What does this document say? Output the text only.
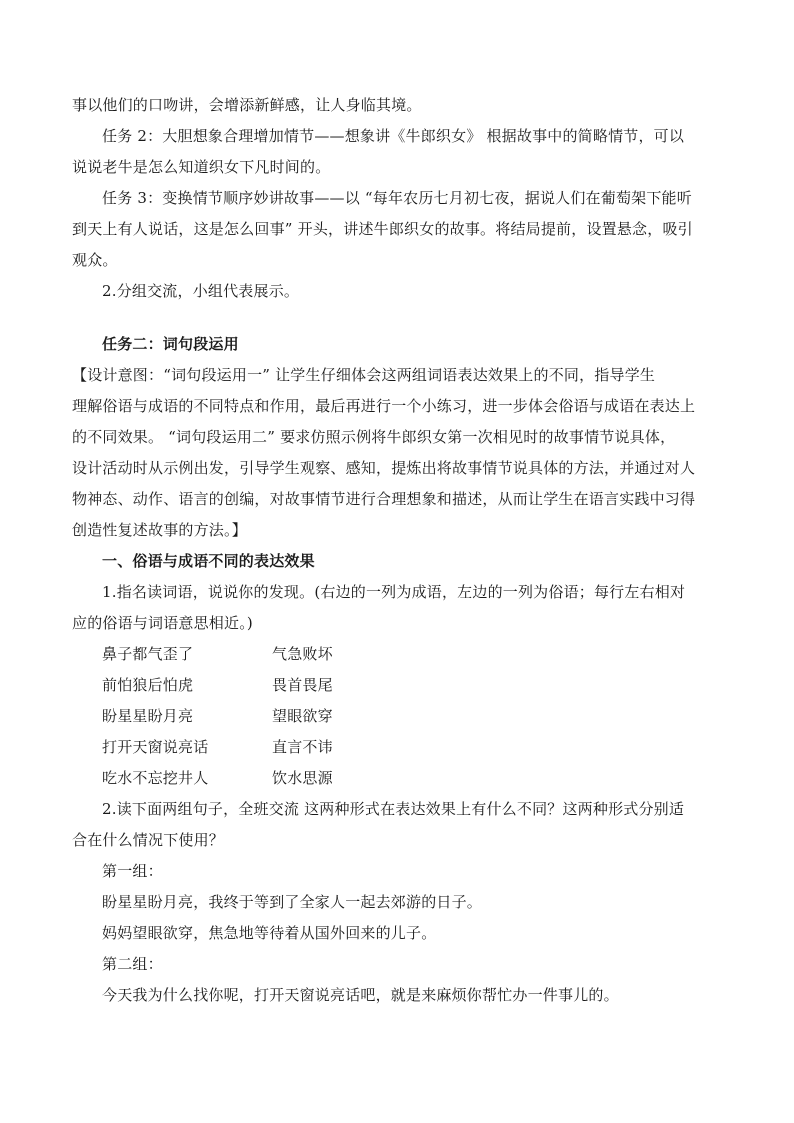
事以他们的口吻讲，会增添新鲜感，让人身临其境。
任务 2：大胆想象合理增加情节——想象讲《牛郎织女》 根据故事中的简略情节，可以
说说老牛是怎么知道织女下凡时间的。
任务 3：变换情节顺序妙讲故事——以 “每年农历七月初七夜，据说人们在葡萄架下能听
到天上有人说话，这是怎么回事” 开头，讲述牛郎织女的故事。将结局提前，设置悬念，吸引
观众。
2.分组交流，小组代表展示。
任务二：词句段运用
【设计意图：“词句段运用一” 让学生仔细体会这两组词语表达效果上的不同，指导学生
理解俗语与成语的不同特点和作用，最后再进行一个小练习，进一步体会俗语与成语在表达上
的不同效果。 “词句段运用二” 要求仿照示例将牛郎织女第一次相见时的故事情节说具体，
设计活动时从示例出发，引导学生观察、感知，提炼出将故事情节说具体的方法，并通过对人
物神态、动作、语言的创编，对故事情节进行合理想象和描述，从而让学生在语言实践中习得
创造性复述故事的方法。】
一、俗语与成语不同的表达效果
1.指名读词语，说说你的发现。(右边的一列为成语，左边的一列为俗语；每行左右相对
应的俗语与词语意思相近。)
鼻子都气歪了	气急败坏
前怕狼后怕虎	畏首畏尾
盼星星盼月亮	望眼欲穿
打开天窗说亮话	直言不讳
吃水不忘挖井人	饮水思源
2.读下面两组句子，全班交流 这两种形式在表达效果上有什么不同？这两种形式分别适
合在什么情况下使用？
第一组：
盼星星盼月亮，我终于等到了全家人一起去郊游的日子。
妈妈望眼欲穿，焦急地等待着从国外回来的儿子。
第二组：
今天我为什么找你呢，打开天窗说亮话吧，就是来麻烦你帮忙办一件事儿的。
